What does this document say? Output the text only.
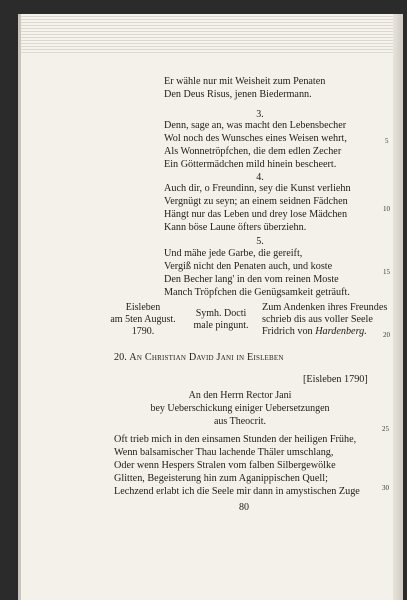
Er wähle nur mit Weisheit zum Penaten
Den Deus Risus, jenen Biedermann.
3.
Denn, sage an, was macht den Lebensbecher
Wol noch des Wunsches eines Weisen wehrt,
Als Wonnetröpfchen, die dem edlen Zecher
Ein Göttermädchen mild hinein bescheert.
4.
Auch dir, o Freundinn, sey die Kunst verliehn
Vergnügt zu seyn; an einem seidnen Fädchen
Hängt nur das Leben und drey lose Mädchen
Kann böse Laune öfters überziehn.
5.
Und mähe jede Garbe, die gereift,
Vergiß nicht den Penaten auch, und koste
Den Becher lang' in den vom reinen Moste
Manch Tröpfchen die Genügsamkeit geträuft.
Eisleben
am 5ten August.
1790.
Symh. Docti
male pingunt.
Zum Andenken ihres Freundes
schrieb dis aus voller Seele
Fridrich von Hardenberg.
20. An Christian David Jani in Eisleben
[Eisleben 1790]
An den Herrn Rector Jani
bey Ueberschickung einiger Uebersetzungen
aus Theocrit.
Oft trieb mich in den einsamen Stunden der heiligen Frühe,
Wenn balsamischer Thau lachende Thäler umschlang,
Oder wenn Hespers Stralen vom falben Silbergewölke
Glitten, Begeisterung hin zum Aganippischen Quell;
Lechzend erlabt ich die Seele mir dann in amystischen Zuge
5
10
15
20
25
30
80
